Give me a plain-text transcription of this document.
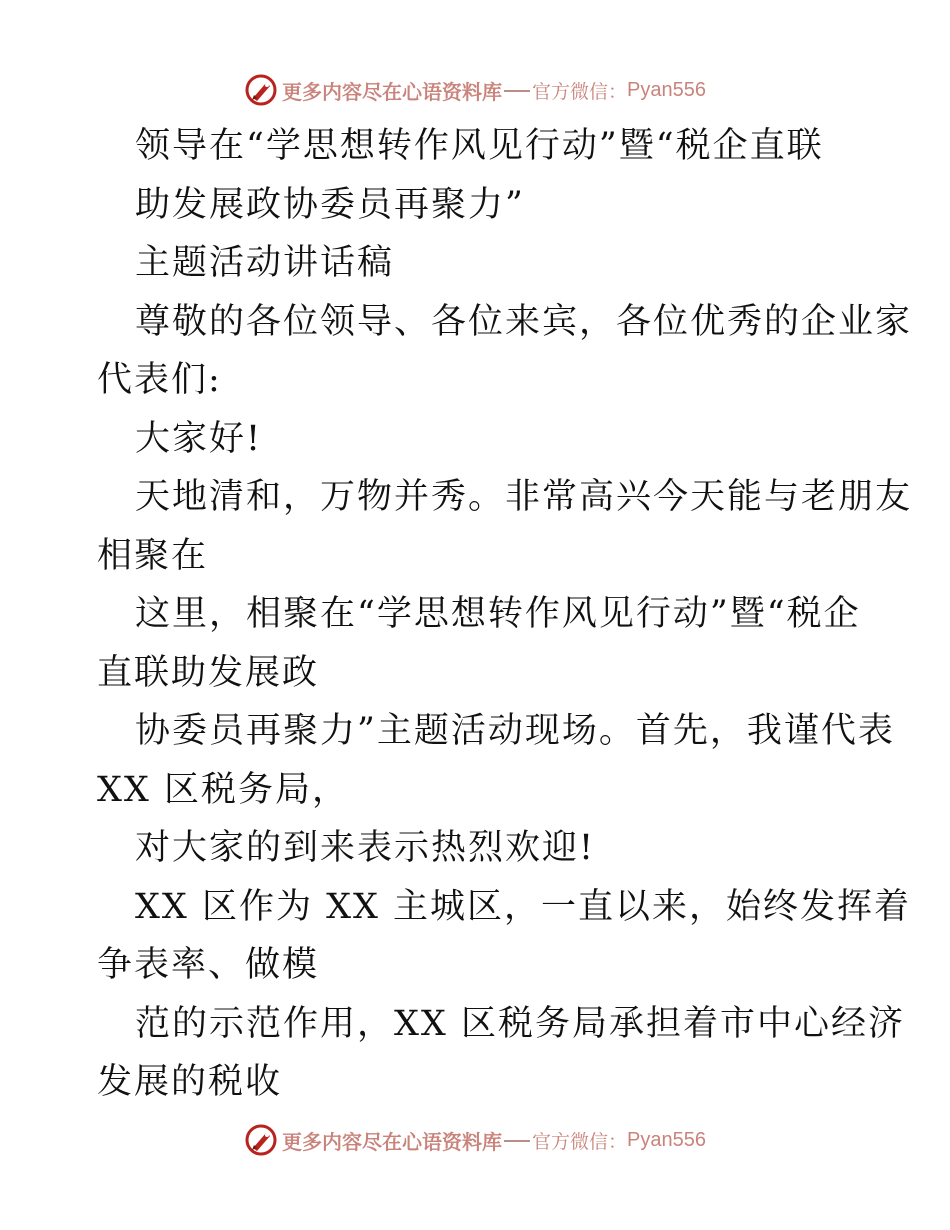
更多内容尽在心语资料库 官方微信： Pyan556
领导在“学思想转作风见行动”暨“税企直联
助发展政协委员再聚力”
主题活动讲话稿
尊敬的各位领导、各位来宾，各位优秀的企业家
代表们:
大家好!
天地清和，万物并秀。非常高兴今天能与老朋友
相聚在
这里，相聚在“学思想转作风见行动”暨“税企
直联助发展政
协委员再聚力”主题活动现场。首先，我谨代表
XX 区税务局，
对大家的到来表示热烈欢迎!
XX 区作为 XX 主城区，一直以来，始终发挥着
争表率、做模
范的示范作用，XX 区税务局承担着市中心经济
发展的税收
更多内容尽在心语资料库 官方微信： Pyan556
